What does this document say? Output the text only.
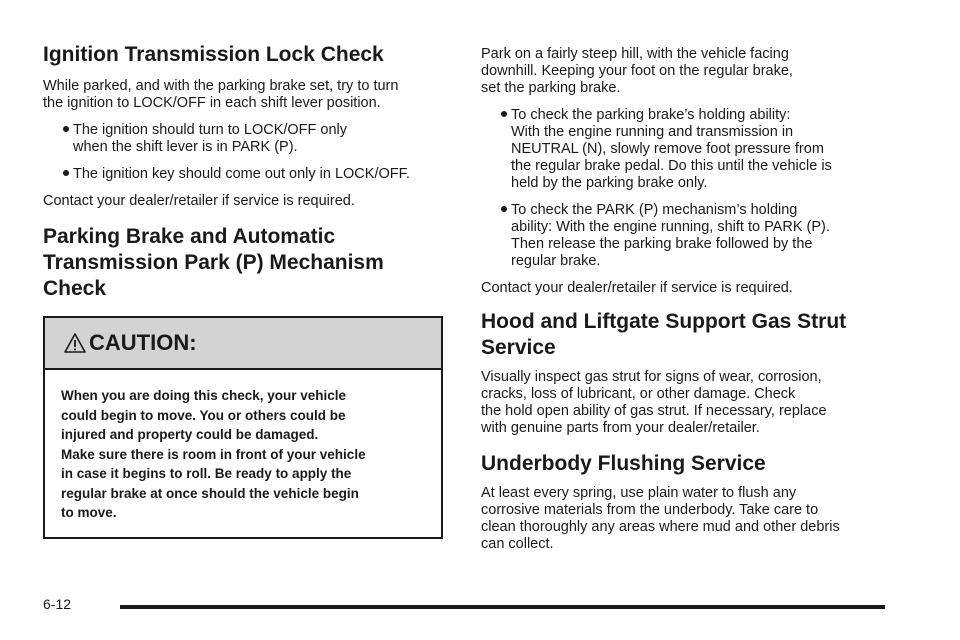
Ignition Transmission Lock Check

While parked, and with the parking brake set, try to turn
the ignition to LOCK/OFF in each shift lever position.

The ignition should turn to LOCK/OFF only
when the shift lever is in PARK (P).
The ignition key should come out only in LOCK/OFF.

Contact your dealer/retailer if service is required.

Parking Brake and Automatic
Transmission Park (P) Mechanism
Check
CAUTION:

When you are doing this check, your vehicle
could begin to move. You or others could be
injured and property could be damaged.
Make sure there is room in front of your vehicle
in case it begins to roll. Be ready to apply the
regular brake at once should the vehicle begin
to move.

Park on a fairly steep hill, with the vehicle facing
downhill. Keeping your foot on the regular brake,
set the parking brake.

To check the parking brake’s holding ability:
With the engine running and transmission in
NEUTRAL (N), slowly remove foot pressure from
the regular brake pedal. Do this until the vehicle is
held by the parking brake only.
To check the PARK (P) mechanism’s holding
ability: With the engine running, shift to PARK (P).
Then release the parking brake followed by the
regular brake.

Contact your dealer/retailer if service is required.

Hood and Liftgate Support Gas Strut
Service

Visually inspect gas strut for signs of wear, corrosion,
cracks, loss of lubricant, or other damage. Check
the hold open ability of gas strut. If necessary, replace
with genuine parts from your dealer/retailer.

Underbody Flushing Service

At least every spring, use plain water to flush any
corrosive materials from the underbody. Take care to
clean thoroughly any areas where mud and other debris
can collect.

6-12
